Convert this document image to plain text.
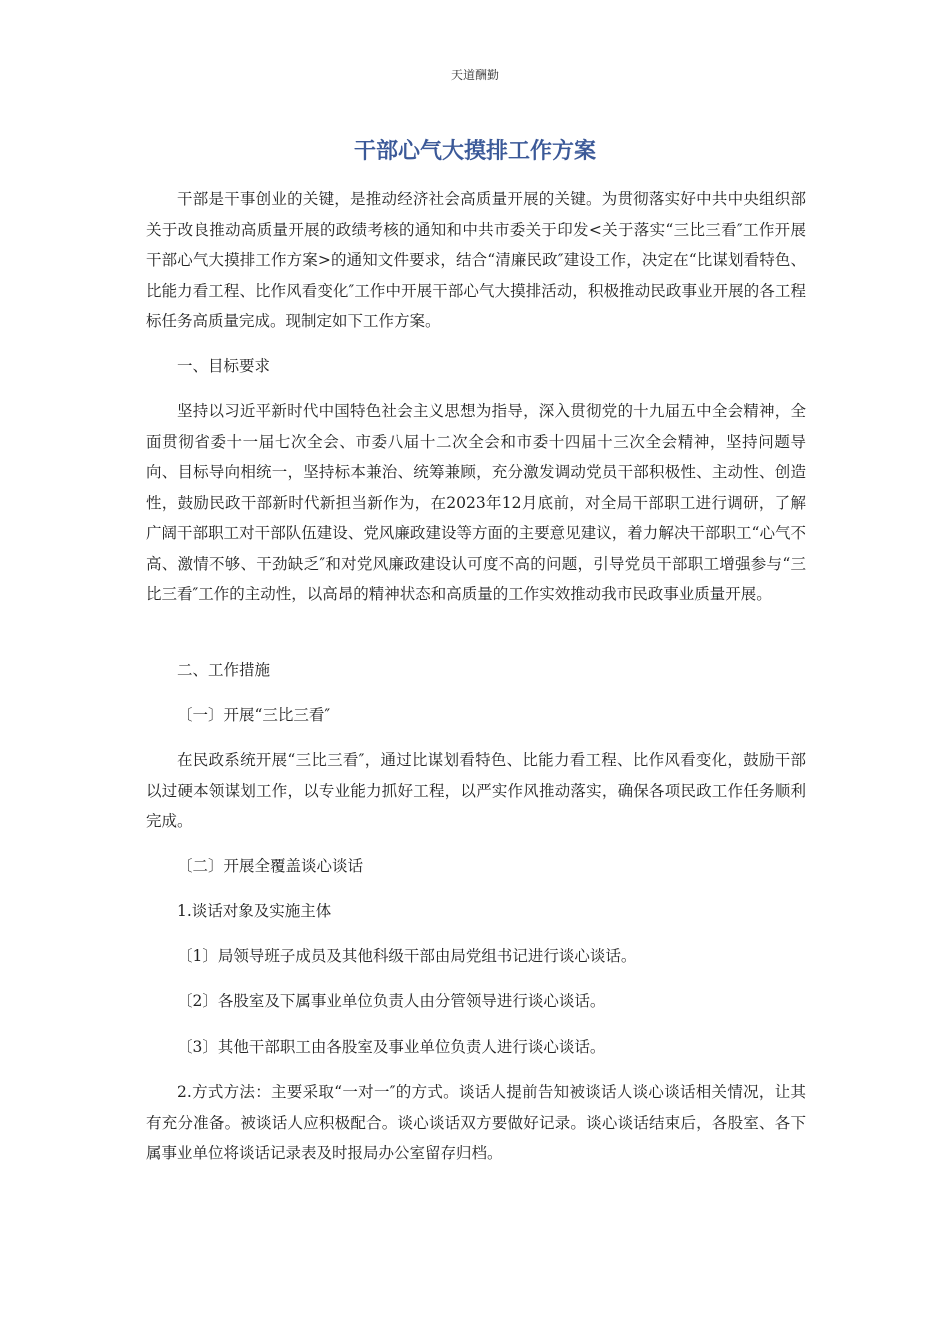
天道酬勤
干部心气大摸排工作方案

干部是干事创业的关键，是推动经济社会高质量开展的关键。为贯彻落实好中共中央组织部关于改良推动高质量开展的政绩考核的通知和中共市委关于印发<关于落实“三比三看″工作开展干部心气大摸排工作方案>的通知文件要求，结合“清廉民政″建设工作，决定在“比谋划看特色、比能力看工程、比作风看变化″工作中开展干部心气大摸排活动，积极推动民政事业开展的各工程标任务高质量完成。现制定如下工作方案。

一、目标要求

坚持以习近平新时代中国特色社会主义思想为指导，深入贯彻党的十九届五中全会精神，全面贯彻省委十一届七次全会、市委八届十二次全会和市委十四届十三次全会精神，坚持问题导向、目标导向相统一，坚持标本兼治、统筹兼顾，充分激发调动党员干部积极性、主动性、创造性，鼓励民政干部新时代新担当新作为，在2023年12月底前，对全局干部职工进行调研，了解广阔干部职工对干部队伍建设、党风廉政建设等方面的主要意见建议，着力解决干部职工“心气不高、激情不够、干劲缺乏″和对党风廉政建设认可度不高的问题，引导党员干部职工增强参与“三比三看″工作的主动性，以高昂的精神状态和高质量的工作实效推动我市民政事业质量开展。

二、工作措施

〔一〕开展“三比三看″

在民政系统开展“三比三看″，通过比谋划看特色、比能力看工程、比作风看变化，鼓励干部以过硬本领谋划工作，以专业能力抓好工程，以严实作风推动落实，确保各项民政工作任务顺利完成。

〔二〕开展全覆盖谈心谈话

1.谈话对象及实施主体

〔1〕局领导班子成员及其他科级干部由局党组书记进行谈心谈话。

〔2〕各股室及下属事业单位负责人由分管领导进行谈心谈话。

〔3〕其他干部职工由各股室及事业单位负责人进行谈心谈话。

2.方式方法：主要采取“一对一″的方式。谈话人提前告知被谈话人谈心谈话相关情况，让其有充分准备。被谈话人应积极配合。谈心谈话双方要做好记录。谈心谈话结束后，各股室、各下属事业单位将谈话记录表及时报局办公室留存归档。
